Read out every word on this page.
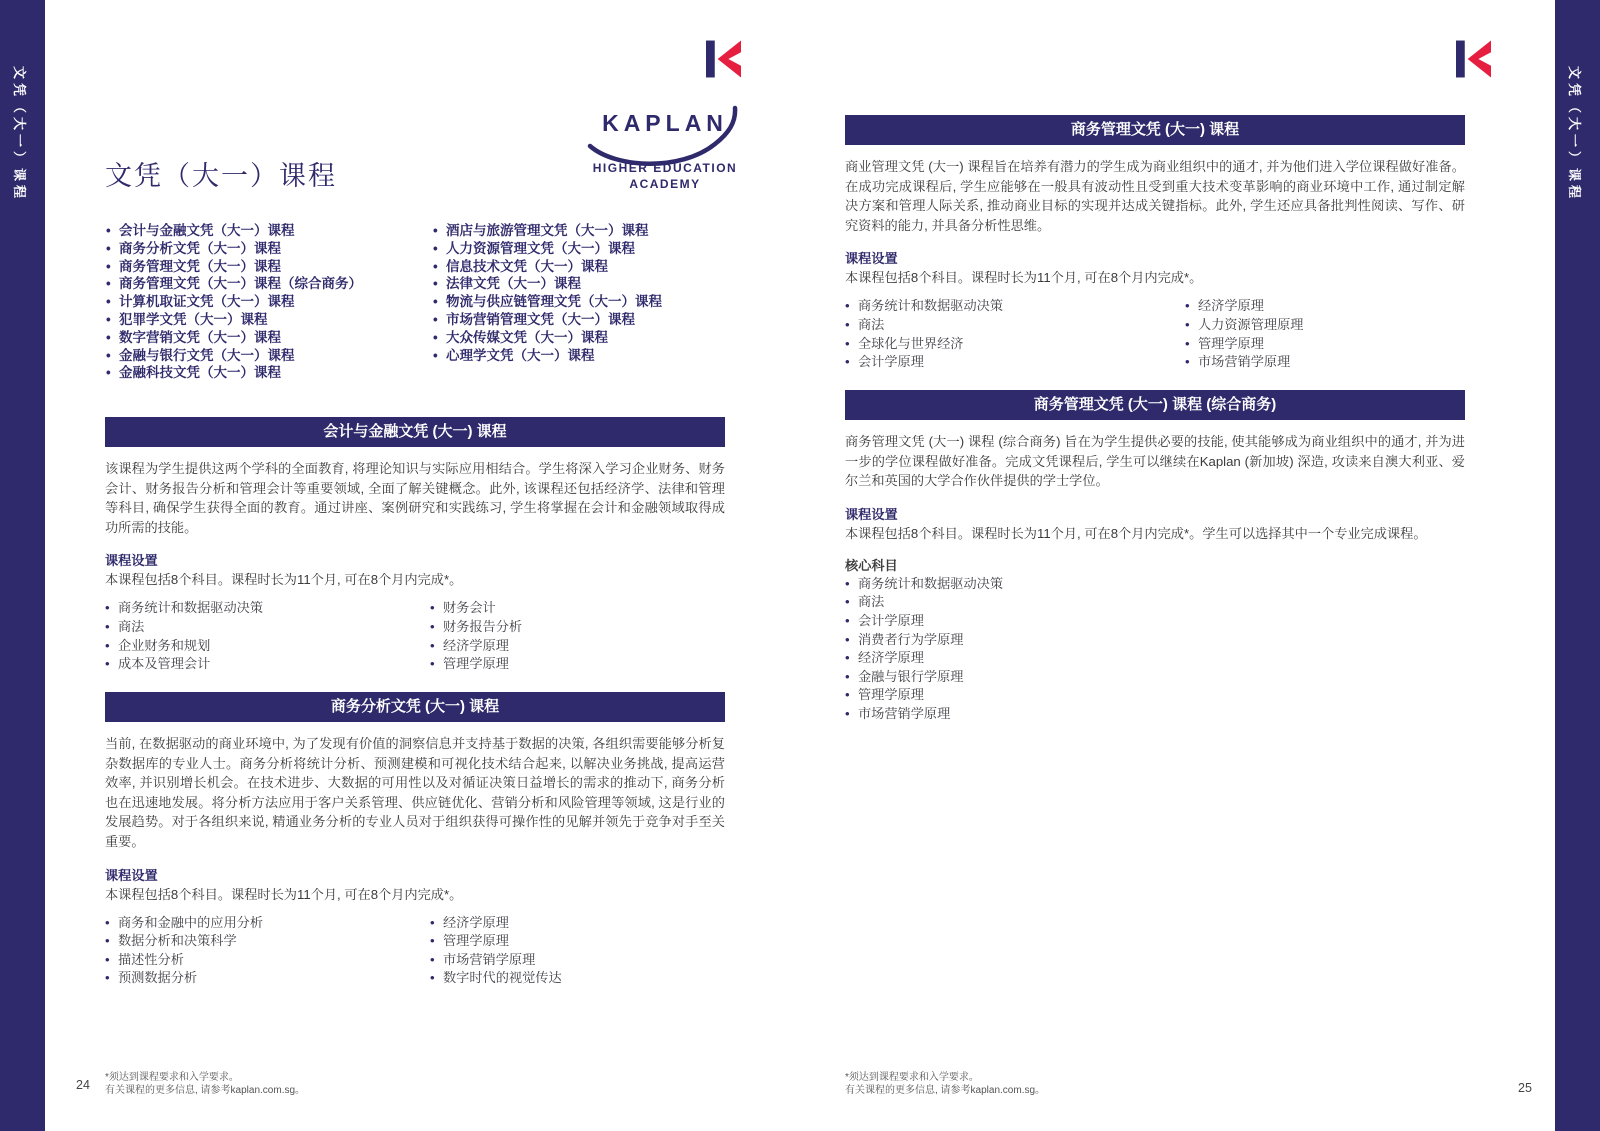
文凭（大一）课程	文凭（大一）课程
KAPLAN
HIGHER EDUCATION
ACADEMY
文凭（大一）课程
• 会计与金融文凭（大一）课程
• 商务分析文凭（大一）课程
• 商务管理文凭（大一）课程
• 商务管理文凭（大一）课程（综合商务）
• 计算机取证文凭（大一）课程
• 犯罪学文凭（大一）课程
• 数字营销文凭（大一）课程
• 金融与银行文凭（大一）课程
• 金融科技文凭（大一）课程
• 酒店与旅游管理文凭（大一）课程
• 人力资源管理文凭（大一）课程
• 信息技术文凭（大一）课程
• 法律文凭（大一）课程
• 物流与供应链管理文凭（大一）课程
• 市场营销管理文凭（大一）课程
• 大众传媒文凭（大一）课程
• 心理学文凭（大一）课程
会计与金融文凭 (大一) 课程

该课程为学生提供这两个学科的全面教育, 将理论知识与实际应用相结合。学生将深入学习企业财务、财务会计、财务报告分析和管理会计等重要领域, 全面了解关键概念。此外, 该课程还包括经济学、法律和管理等科目, 确保学生获得全面的教育。通过讲座、案例研究和实践练习, 学生将掌握在会计和金融领域取得成功所需的技能。

课程设置

本课程包括8个科目。课程时长为11个月, 可在8个月内完成*。

• 商务统计和数据驱动决策
• 商法
• 企业财务和规划
• 成本及管理会计
• 财务会计
• 财务报告分析
• 经济学原理
• 管理学原理
商务分析文凭 (大一) 课程

当前, 在数据驱动的商业环境中, 为了发现有价值的洞察信息并支持基于数据的决策, 各组织需要能够分析复杂数据库的专业人士。商务分析将统计分析、预测建模和可视化技术结合起来, 以解决业务挑战, 提高运营效率, 并识别增长机会。在技术进步、大数据的可用性以及对循证决策日益增长的需求的推动下, 商务分析也在迅速地发展。将分析方法应用于客户关系管理、供应链优化、营销分析和风险管理等领域, 这是行业的发展趋势。对于各组织来说, 精通业务分析的专业人员对于组织获得可操作性的见解并领先于竞争对手至关重要。

课程设置

本课程包括8个科目。课程时长为11个月, 可在8个月内完成*。

• 商务和金融中的应用分析
• 数据分析和决策科学
• 描述性分析
• 预测数据分析
• 经济学原理
• 管理学原理
• 市场营销学原理
• 数字时代的视觉传达
商务管理文凭 (大一) 课程

商业管理文凭 (大一) 课程旨在培养有潜力的学生成为商业组织中的通才, 并为他们进入学位课程做好准备。在成功完成课程后, 学生应能够在一般具有波动性且受到重大技术变革影响的商业环境中工作, 通过制定解决方案和管理人际关系, 推动商业目标的实现并达成关键指标。此外, 学生还应具备批判性阅读、写作、研究资料的能力, 并具备分析性思维。

课程设置

本课程包括8个科目。课程时长为11个月, 可在8个月内完成*。

• 商务统计和数据驱动决策
• 商法
• 全球化与世界经济
• 会计学原理
• 经济学原理
• 人力资源管理原理
• 管理学原理
• 市场营销学原理
商务管理文凭 (大一) 课程 (综合商务)

商务管理文凭 (大一) 课程 (综合商务) 旨在为学生提供必要的技能, 使其能够成为商业组织中的通才, 并为进一步的学位课程做好准备。完成文凭课程后, 学生可以继续在Kaplan (新加坡) 深造, 攻读来自澳大利亚、爱尔兰和英国的大学合作伙伴提供的学士学位。

课程设置

本课程包括8个科目。课程时长为11个月, 可在8个月内完成*。学生可以选择其中一个专业完成课程。

核心科目
• 商务统计和数据驱动决策
• 商法
• 会计学原理
• 消费者行为学原理
• 经济学原理
• 金融与银行学原理
• 管理学原理
• 市场营销学原理
24
*须达到课程要求和入学要求。
有关课程的更多信息, 请参考kaplan.com.sg。
*须达到课程要求和入学要求。
有关课程的更多信息, 请参考kaplan.com.sg。	25
